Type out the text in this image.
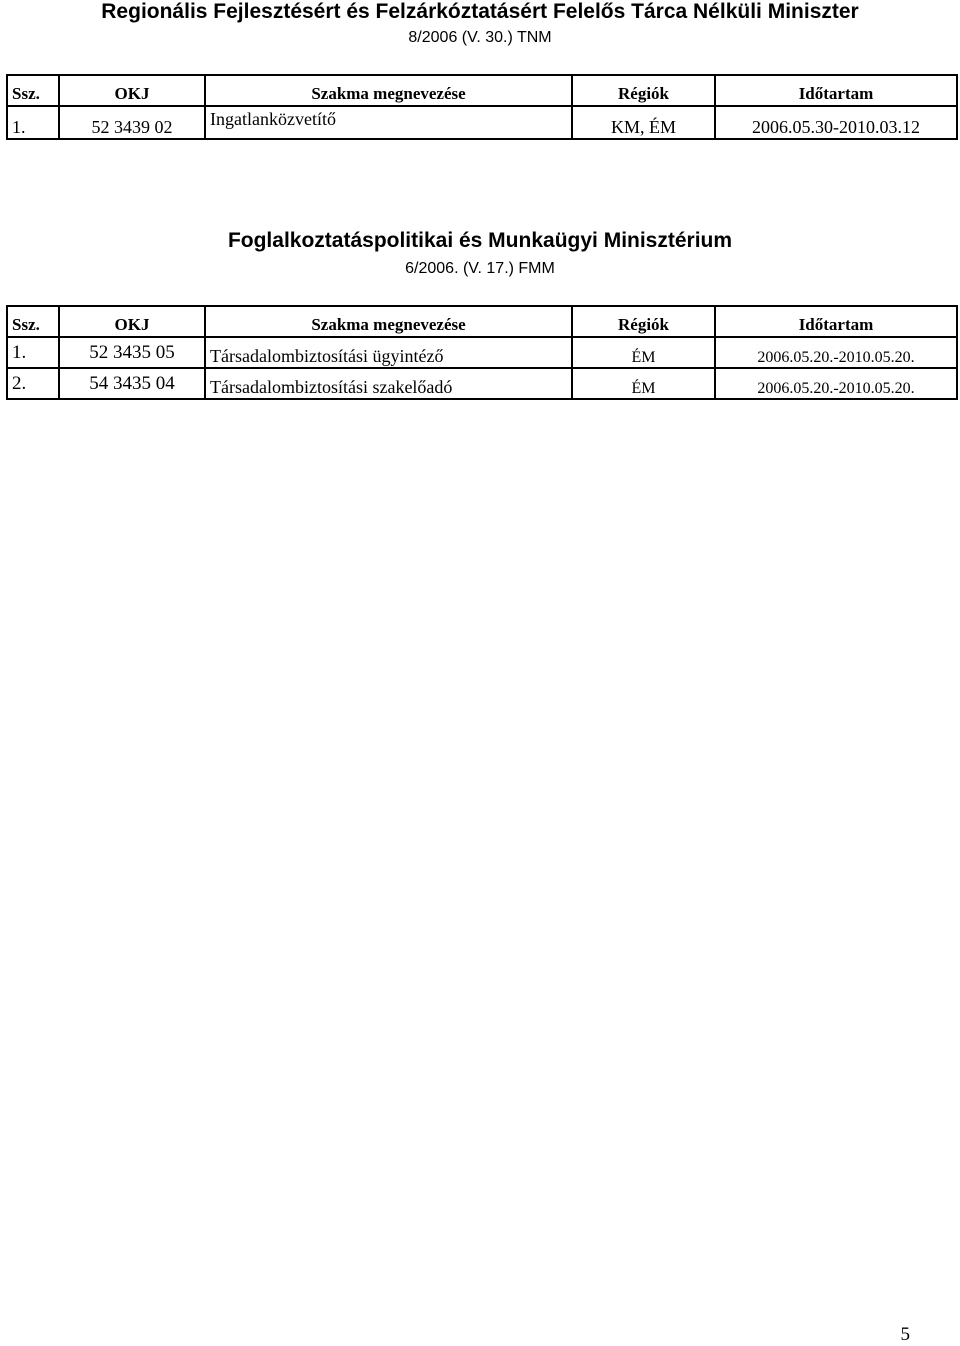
Regionális Fejlesztésért és Felzárkóztatásért Felelős Tárca Nélküli Miniszter
8/2006 (V. 30.) TNM
Ssz.	OKJ	Szakma megnevezése	Régiók	Időtartam
1.	52 3439 02	Ingatlanközvetítő	KM, ÉM	2006.05.30-2010.03.12
Foglalkoztatáspolitikai és Munkaügyi Minisztérium
6/2006. (V. 17.) FMM
Ssz.	OKJ	Szakma megnevezése	Régiók	Időtartam
1.	52 3435 05	Társadalombiztosítási ügyintéző	ÉM	2006.05.20.-2010.05.20.
2.	54 3435 04	Társadalombiztosítási szakelőadó	ÉM	2006.05.20.-2010.05.20.
5
